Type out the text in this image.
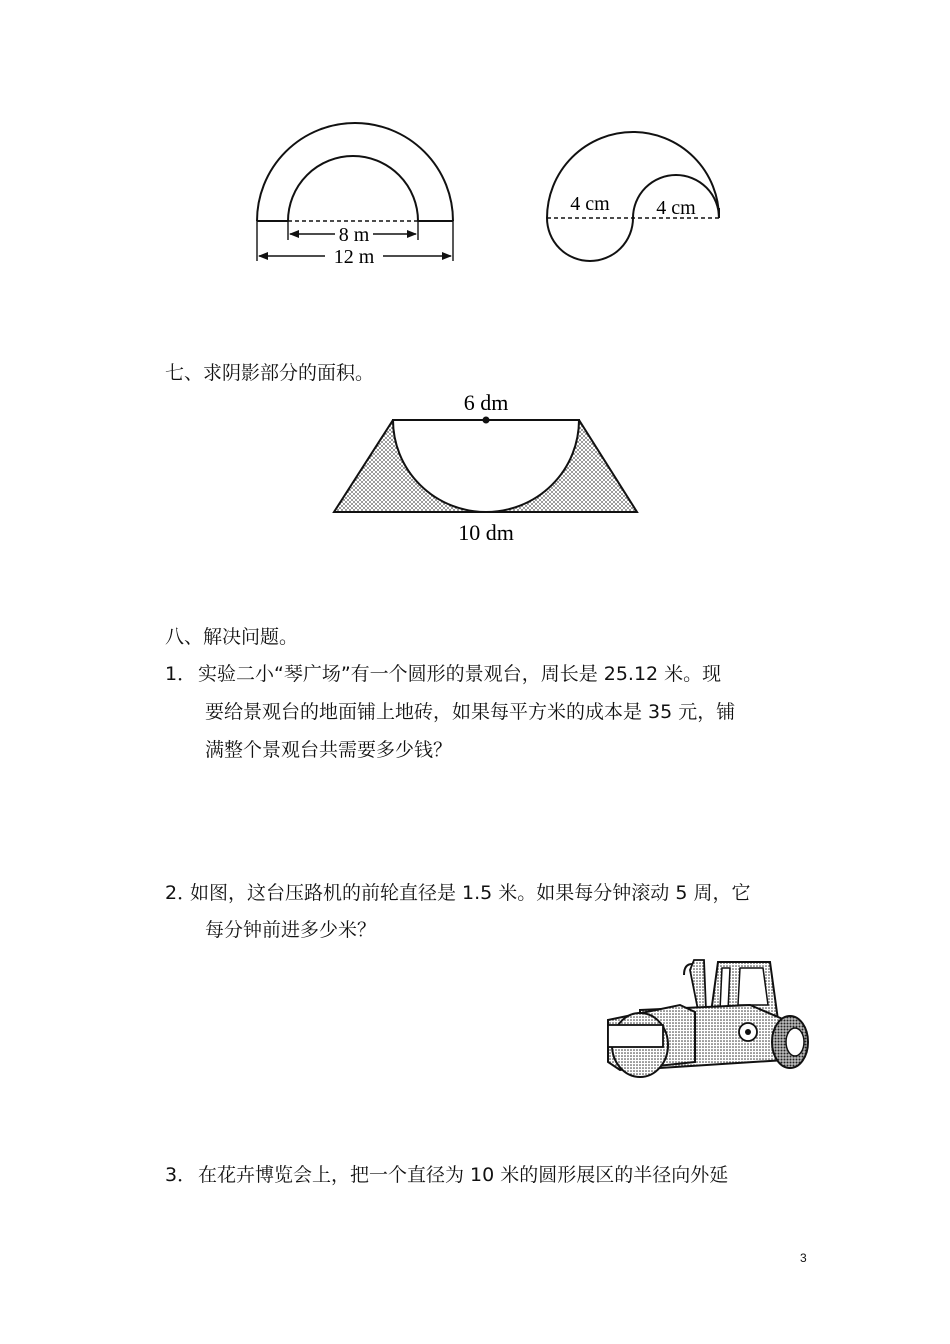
8 m
12 m
4 cm 4 cm
七、求阴影部分的面积。
6 dm
10 dm
八、解决问题。
1． 实验二小“琴广场”有一个圆形的景观台，周长是 25.12 米。现
要给景观台的地面铺上地砖，如果每平方米的成本是 35 元，铺
满整个景观台共需要多少钱？
2．
如图，这台压路机的前轮直径是 1.5 米。如果每分钟滚动 5 周，它
每分钟前进多少米？
3． 在花卉博览会上，把一个直径为 10 米的圆形展区的半径向外延
3
